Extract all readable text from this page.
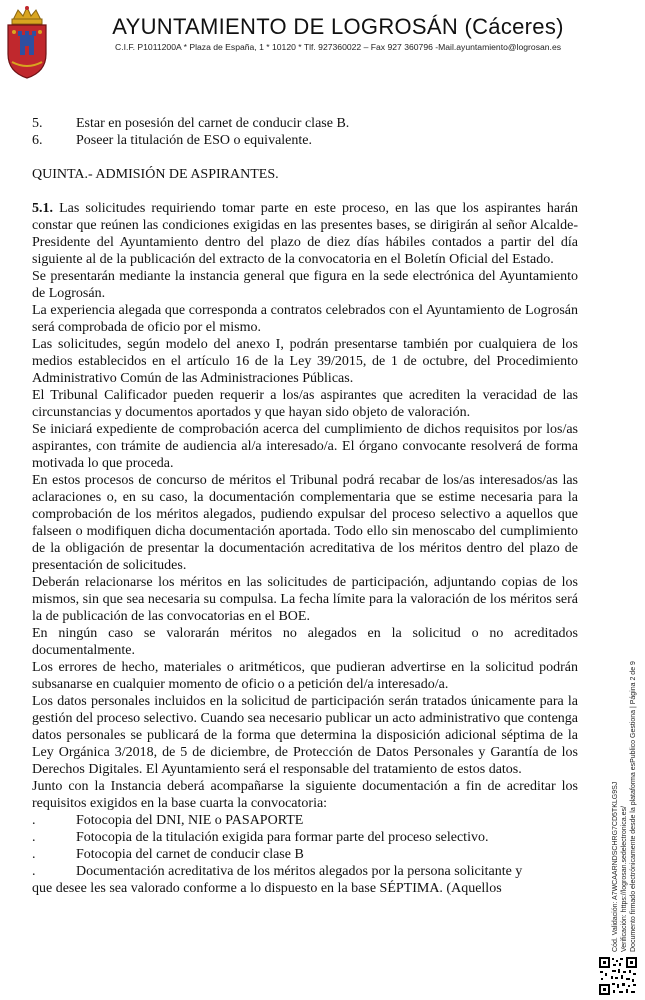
AYUNTAMIENTO DE LOGROSÁN (Cáceres)
C.I.F. P1011200A * Plaza de España, 1 * 10120 * Tlf. 927360022 – Fax 927 360796 -Mail.ayuntamiento@logrosan.es
5.	Estar en posesión del carnet de conducir clase B.
6.	Poseer la titulación de ESO o equivalente.
QUINTA.- ADMISIÓN DE ASPIRANTES.

5.1. Las solicitudes requiriendo tomar parte en este proceso, en las que los aspirantes harán constar que reúnen las condiciones exigidas en las presentes bases, se dirigirán al señor Alcalde-Presidente del Ayuntamiento dentro del plazo de diez días hábiles contados a partir del día siguiente al de la publicación del extracto de la convocatoria en el Boletín Oficial del Estado.

Se presentarán mediante la instancia general que figura en la sede electrónica del Ayuntamiento de Logrosán.

La experiencia alegada que corresponda a contratos celebrados con el Ayuntamiento de Logrosán será comprobada de oficio por el mismo.

Las solicitudes, según modelo del anexo I, podrán presentarse también por cualquiera de los medios establecidos en el artículo 16 de la Ley 39/2015, de 1 de octubre, del Procedimiento Administrativo Común de las Administraciones Públicas.

El Tribunal Calificador pueden requerir a los/as aspirantes que acrediten la veracidad de las circunstancias y documentos aportados y que hayan sido objeto de valoración.

Se iniciará expediente de comprobación acerca del cumplimiento de dichos requisitos por los/as aspirantes, con trámite de audiencia al/a interesado/a. El órgano convocante resolverá de forma motivada lo que proceda.

En estos procesos de concurso de méritos el Tribunal podrá recabar de los/as interesados/as las aclaraciones o, en su caso, la documentación complementaria que se estime necesaria para la comprobación de los méritos alegados, pudiendo expulsar del proceso selectivo a aquellos que falseen o modifiquen dicha documentación aportada. Todo ello sin menoscabo del cumplimiento de la obligación de presentar la documentación acreditativa de los méritos dentro del plazo de presentación de solicitudes.

Deberán relacionarse los méritos en las solicitudes de participación, adjuntando copias de los mismos, sin que sea necesaria su compulsa. La fecha límite para la valoración de los méritos será la de publicación de las convocatorias en el BOE.

En ningún caso se valorarán méritos no alegados en la solicitud o no acreditados documentalmente.

Los errores de hecho, materiales o aritméticos, que pudieran advertirse en la solicitud podrán subsanarse en cualquier momento de oficio o a petición del/a interesado/a.

Los datos personales incluidos en la solicitud de participación serán tratados únicamente para la gestión del proceso selectivo. Cuando sea necesario publicar un acto administrativo que contenga datos personales se publicará de la forma que determina la disposición adicional séptima de la Ley Orgánica 3/2018, de 5 de diciembre, de Protección de Datos Personales y Garantía de los Derechos Digitales. El Ayuntamiento será el responsable del tratamiento de estos datos.

Junto con la Instancia deberá acompañarse la siguiente documentación a fin de acreditar los requisitos exigidos en la base cuarta la convocatoria:

.	Fotocopia del DNI, NIE o PASAPORTE
.	Fotocopia de la titulación exigida para formar parte del proceso selectivo.
.	Fotocopia del carnet de conducir clase B
.	Documentación acreditativa de los méritos alegados por la persona solicitante y

que desee les sea valorado conforme a lo dispuesto en la base SÉPTIMA. (Aquellos	Cód. Validación: A7WCAARNDSCHRG7CD5TKLG9SJ Verificación: https://logrosan.sedelectronica.es/ Documento firmado electrónicamente desde la plataforma esPublico Gestiona | Página 2 de 9
